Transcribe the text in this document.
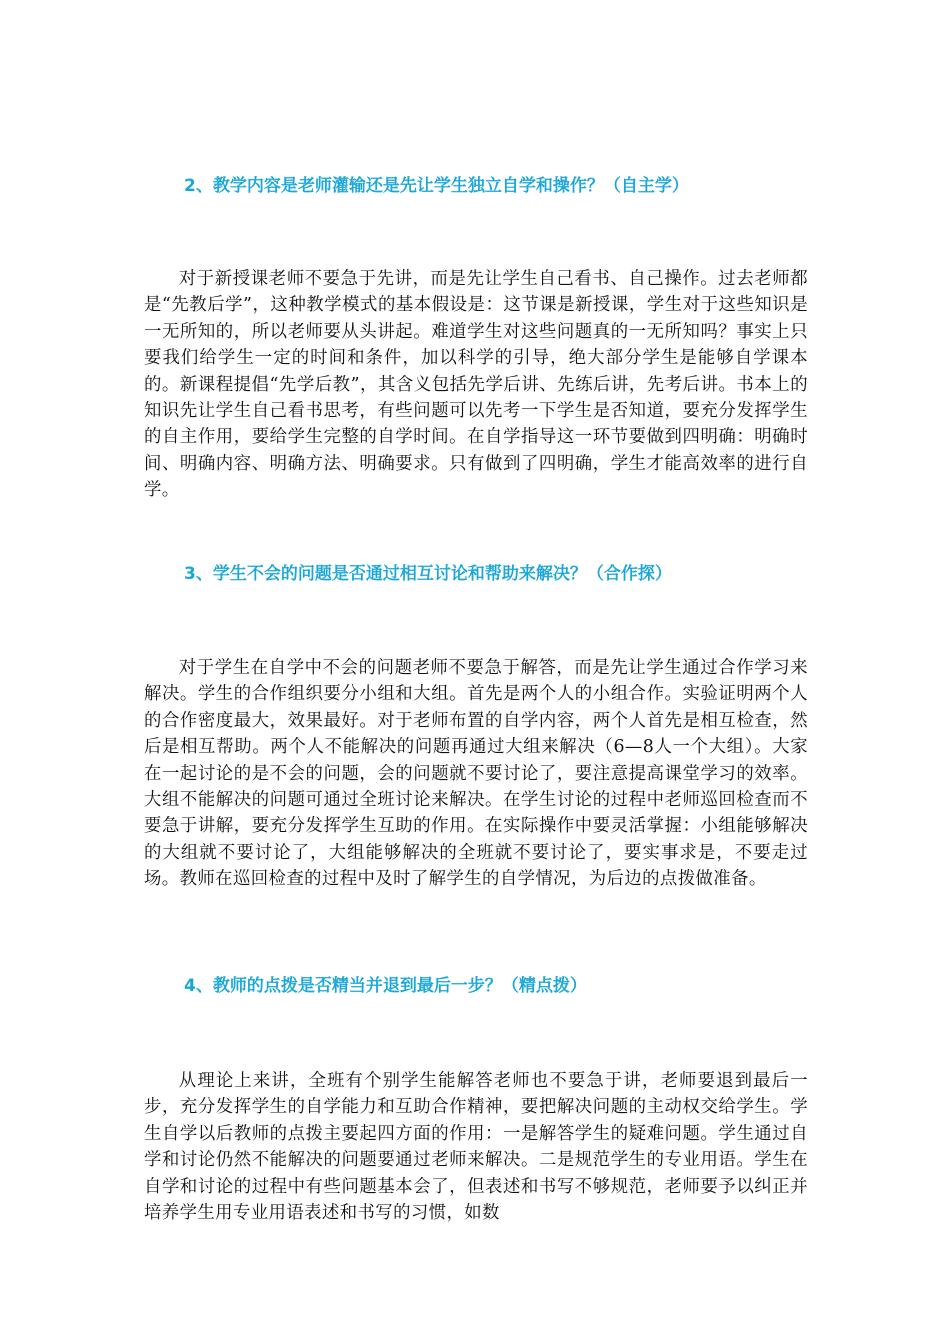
2、教学内容是老师灌输还是先让学生独立自学和操作？（自主学）
对于新授课老师不要急于先讲，而是先让学生自己看书、自己操作。过去老师都是“先教后学”，这种教学模式的基本假设是：这节课是新授课，学生对于这些知识是一无所知的，所以老师要从头讲起。难道学生对这些问题真的一无所知吗？事实上只要我们给学生一定的时间和条件，加以科学的引导，绝大部分学生是能够自学课本的。新课程提倡“先学后教”，其含义包括先学后讲、先练后讲，先考后讲。书本上的知识先让学生自己看书思考，有些问题可以先考一下学生是否知道，要充分发挥学生的自主作用，要给学生完整的自学时间。在自学指导这一环节要做到四明确：明确时间、明确内容、明确方法、明确要求。只有做到了四明确，学生才能高效率的进行自学。
3、学生不会的问题是否通过相互讨论和帮助来解决？（合作探）
对于学生在自学中不会的问题老师不要急于解答，而是先让学生通过合作学习来解决。学生的合作组织要分小组和大组。首先是两个人的小组合作。实验证明两个人的合作密度最大，效果最好。对于老师布置的自学内容，两个人首先是相互检查，然后是相互帮助。两个人不能解决的问题再通过大组来解决（6—8人一个大组）。大家在一起讨论的是不会的问题，会的问题就不要讨论了，要注意提高课堂学习的效率。大组不能解决的问题可通过全班讨论来解决。在学生讨论的过程中老师巡回检查而不要急于讲解，要充分发挥学生互助的作用。在实际操作中要灵活掌握：小组能够解决的大组就不要讨论了，大组能够解决的全班就不要讨论了，要实事求是，不要走过场。教师在巡回检查的过程中及时了解学生的自学情况，为后边的点拨做准备。
4、教师的点拨是否精当并退到最后一步？（精点拨）
从理论上来讲，全班有个别学生能解答老师也不要急于讲，老师要退到最后一步，充分发挥学生的自学能力和互助合作精神，要把解决问题的主动权交给学生。学生自学以后教师的点拨主要起四方面的作用：一是解答学生的疑难问题。学生通过自学和讨论仍然不能解决的问题要通过老师来解决。二是规范学生的专业用语。学生在自学和讨论的过程中有些问题基本会了，但表述和书写不够规范，老师要予以纠正并培养学生用专业用语表述和书写的习惯，如数
